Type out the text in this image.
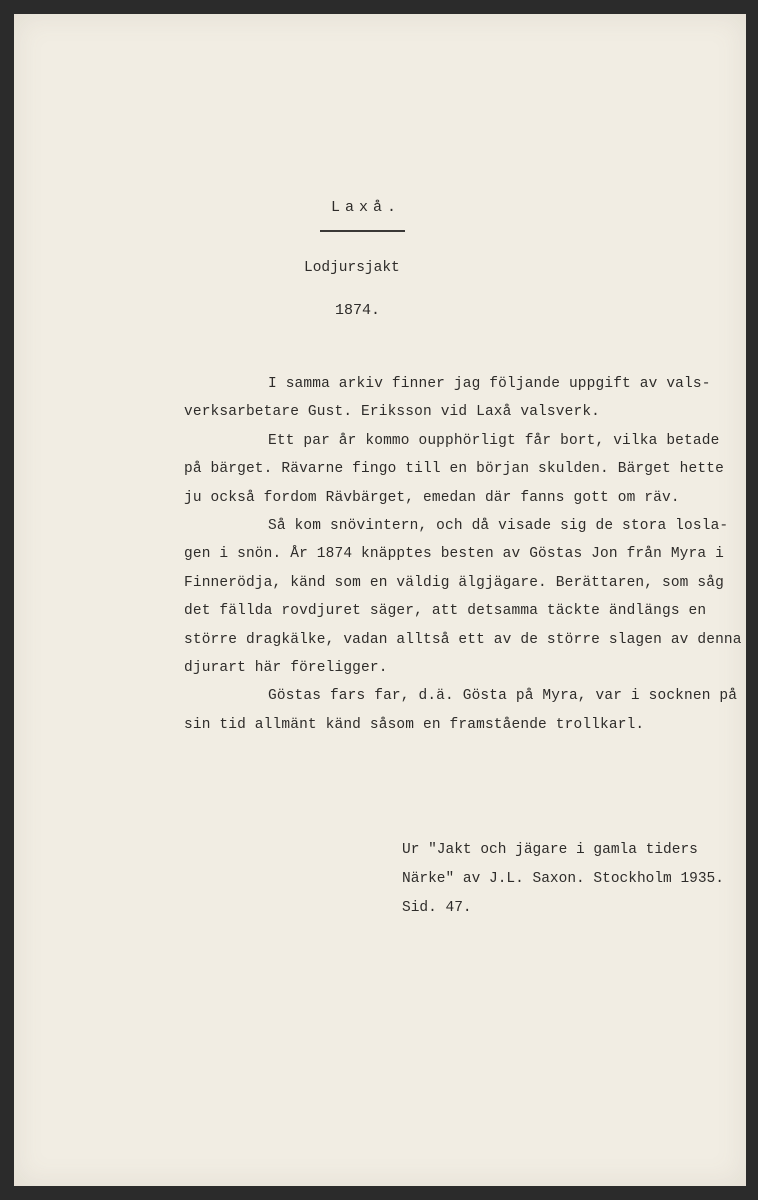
Laxå.
Lodjursjakt
1874.
I samma arkiv finner jag följande uppgift av vals-
verksarbetare Gust. Eriksson vid Laxå valsverk.
Ett par år kommo oupphörligt får bort, vilka betade
på bärget. Rävarne fingo till en början skulden. Bärget hette
ju också fordom Rävbärget, emedan där fanns gott om räv.
Så kom snövintern, och då visade sig de stora losla-
gen i snön. År 1874 knäpptes besten av Göstas Jon från Myra i
Finnerödja, känd som en väldig älgjägare. Berättaren, som såg
det fällda rovdjuret säger, att detsamma täckte ändlängs en
större dragkälke, vadan alltså ett av de större slagen av denna
djurart här föreligger.
Göstas fars far, d.ä. Gösta på Myra, var i socknen på
sin tid allmänt känd såsom en framstående trollkarl.
Ur "Jakt och jägare i gamla tiders
Närke" av J.L. Saxon. Stockholm 1935.
Sid. 47.
